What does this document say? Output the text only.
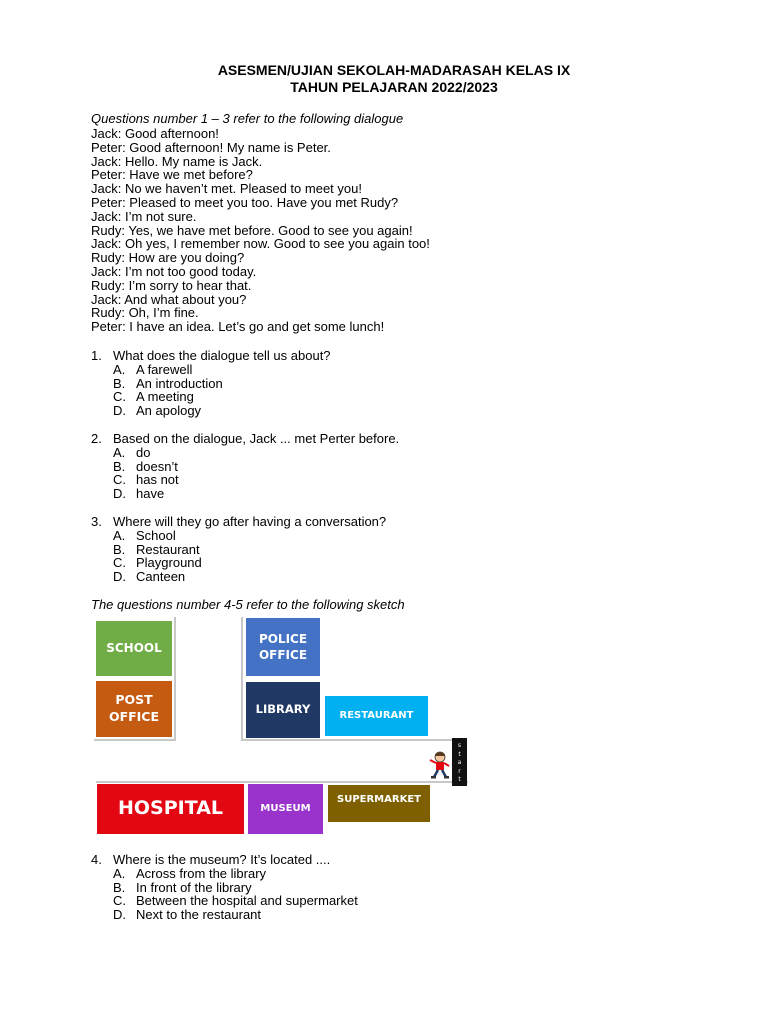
ASESMEN/UJIAN SEKOLAH-MADARASAH KELAS IX
TAHUN PELAJARAN 2022/2023
Questions number 1 – 3 refer to the following dialogue
Jack: Good afternoon!
Peter: Good afternoon! My name is Peter.
Jack: Hello. My name is Jack.
Peter: Have we met before?
Jack: No we haven’t met. Pleased to meet you!
Peter: Pleased to meet you too. Have you met Rudy?
Jack: I’m not sure.
Rudy: Yes, we have met before. Good to see you again!
Jack: Oh yes, I remember now. Good to see you again too!
Rudy: How are you doing?
Jack: I’m not too good today.
Rudy: I’m sorry to hear that.
Jack: And what about you?
Rudy: Oh, I’m fine.
Peter: I have an idea. Let’s go and get some lunch!
1. What does the dialogue tell us about?
A. A farewell
B. An introduction
C. A meeting
D. An apology
2. Based on the dialogue, Jack ... met Perter before.
A. do
B. doesn’t
C. has not
D. have
3. Where will they go after having a conversation?
A. School
B. Restaurant
C. Playground
D. Canteen
The questions number 4-5 refer to the following sketch
SCHOOL
POST
OFFICE
POLICE
OFFICE
LIBRARY	RESTAURANT
HOSPITAL	MUSEUM
SUPERMARKET
s
t
a
r
t
4. Where is the museum? It’s located ....
A. Across from the library
B. In front of the library
C. Between the hospital and supermarket
D. Next to the restaurant
